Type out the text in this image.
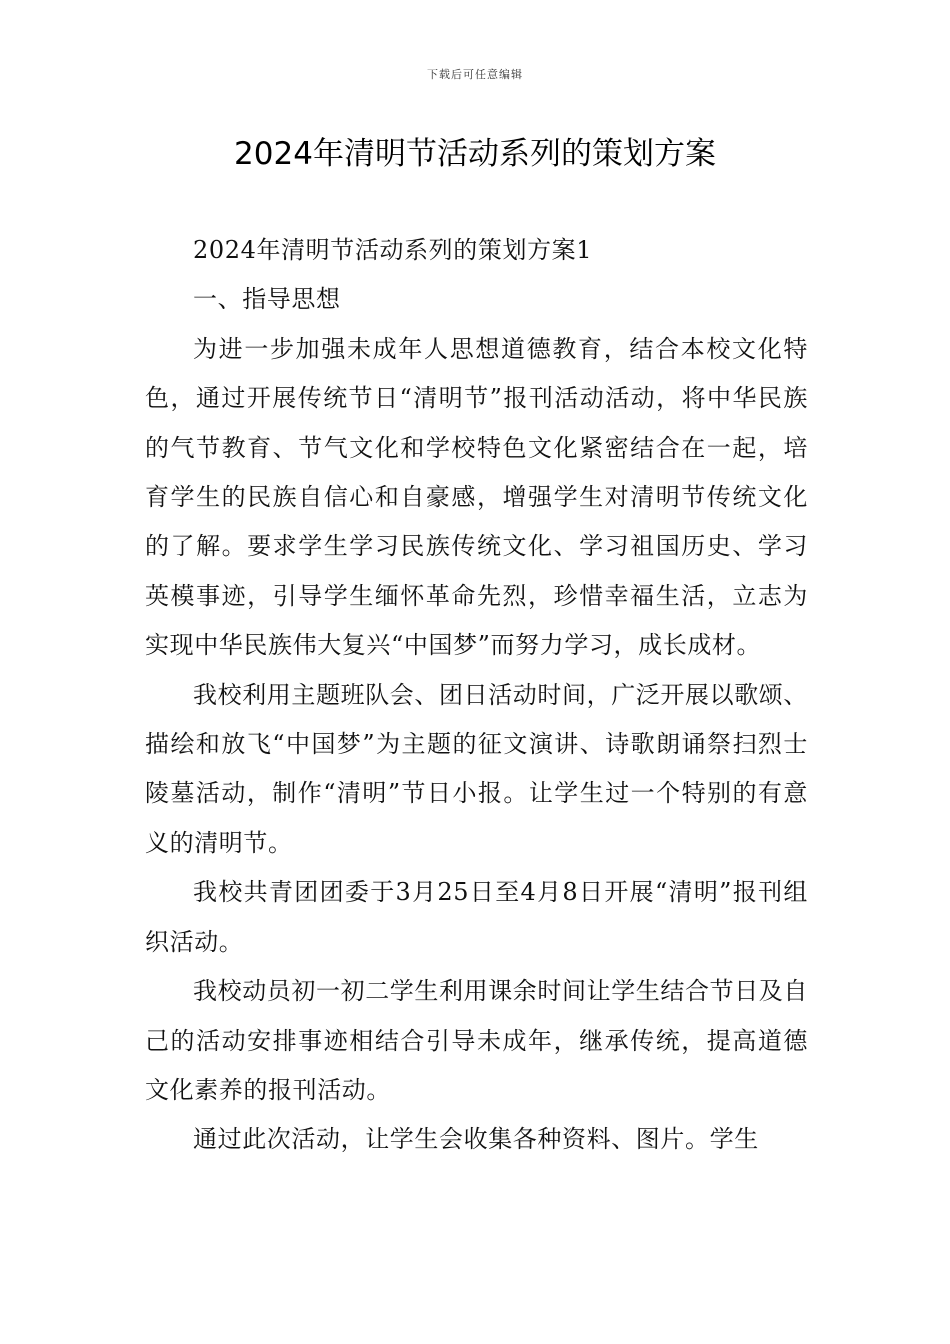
下载后可任意编辑
2024年清明节活动系列的策划方案

2024年清明节活动系列的策划方案1

一、指导思想

为进一步加强未成年人思想道德教育，结合本校文化特色，通过开展传统节日“清明节”报刊活动活动，将中华民族的气节教育、节气文化和学校特色文化紧密结合在一起，培育学生的民族自信心和自豪感，增强学生对清明节传统文化的了解。要求学生学习民族传统文化、学习祖国历史、学习英模事迹，引导学生缅怀革命先烈，珍惜幸福生活，立志为实现中华民族伟大复兴“中国梦”而努力学习，成长成材。

我校利用主题班队会、团日活动时间，广泛开展以歌颂、描绘和放飞“中国梦”为主题的征文演讲、诗歌朗诵祭扫烈士陵墓活动，制作“清明”节日小报。让学生过一个特别的有意义的清明节。

我校共青团团委于3月25日至4月8日开展“清明”报刊组织活动。

我校动员初一初二学生利用课余时间让学生结合节日及自己的活动安排事迹相结合引导未成年，继承传统，提高道德文化素养的报刊活动。

通过此次活动，让学生会收集各种资料、图片。学生
